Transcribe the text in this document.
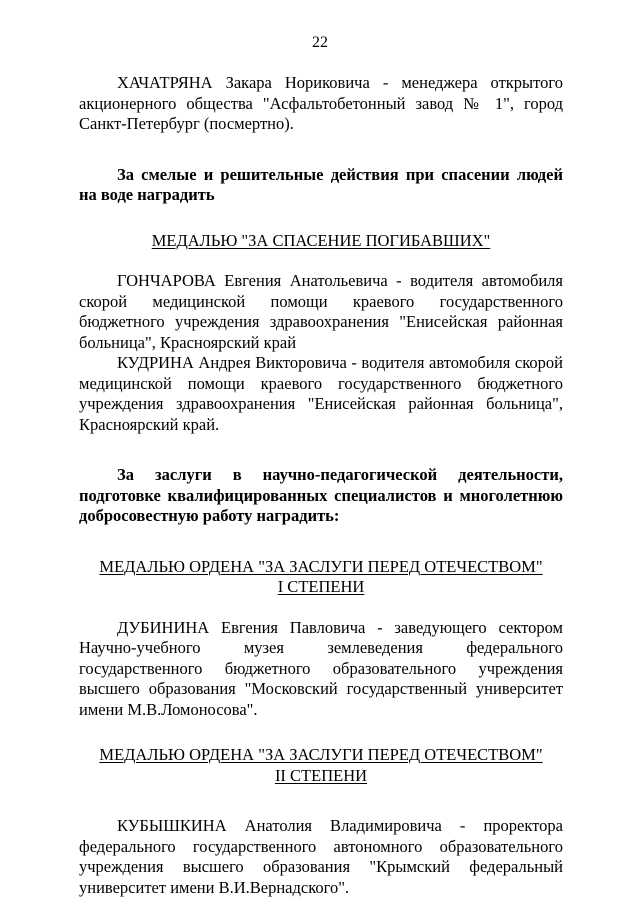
22

ХАЧАТРЯНА Закара Нориковича - менеджера открытого акционерного общества "Асфальтобетонный завод № 1", город Санкт-Петербург (посмертно).

За смелые и решительные действия при спасении людей на воде наградить

МЕДАЛЬЮ "ЗА СПАСЕНИЕ ПОГИБАВШИХ"

ГОНЧАРОВА Евгения Анатольевича - водителя автомобиля скорой медицинской помощи краевого государственного бюджетного учреждения здравоохранения "Енисейская районная больница", Красноярский край

КУДРИНА Андрея Викторовича - водителя автомобиля скорой медицинской помощи краевого государственного бюджетного учреждения здравоохранения "Енисейская районная больница", Красноярский край.

За заслуги в научно-педагогической деятельности, подготовке квалифицированных специалистов и многолетнюю добросовестную работу наградить:

МЕДАЛЬЮ ОРДЕНА "ЗА ЗАСЛУГИ ПЕРЕД ОТЕЧЕСТВОМ"
I СТЕПЕНИ

ДУБИНИНА Евгения Павловича - заведующего сектором Научно-учебного музея землеведения федерального государственного бюджетного образовательного учреждения высшего образования "Московский государственный университет имени М.В.Ломоносова".

МЕДАЛЬЮ ОРДЕНА "ЗА ЗАСЛУГИ ПЕРЕД ОТЕЧЕСТВОМ"
II СТЕПЕНИ

КУБЫШКИНА Анатолия Владимировича - проректора федерального государственного автономного образовательного учреждения высшего образования "Крымский федеральный университет имени В.И.Вернадского".
